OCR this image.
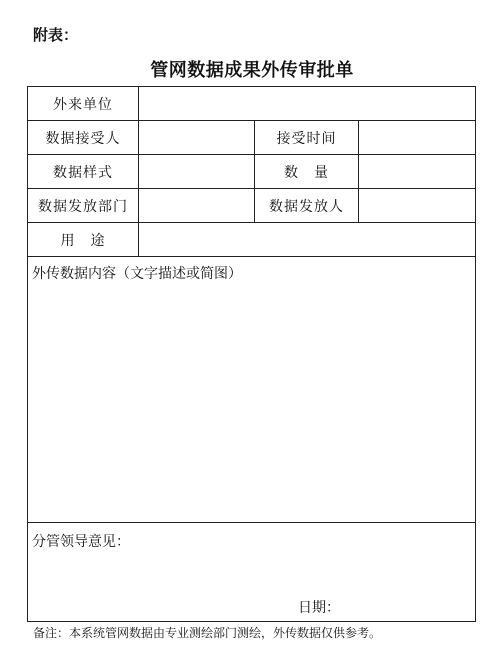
附表：
管网数据成果外传审批单
外来单位			
数据接受人		接受时间	
数据样式		数　量	
数据发放部门		数据发放人	
用　途			

外传数据内容（文字描述或简图）			

分管领导意见：
日期：			
备注：本系统管网数据由专业测绘部门测绘，外传数据仅供参考。
